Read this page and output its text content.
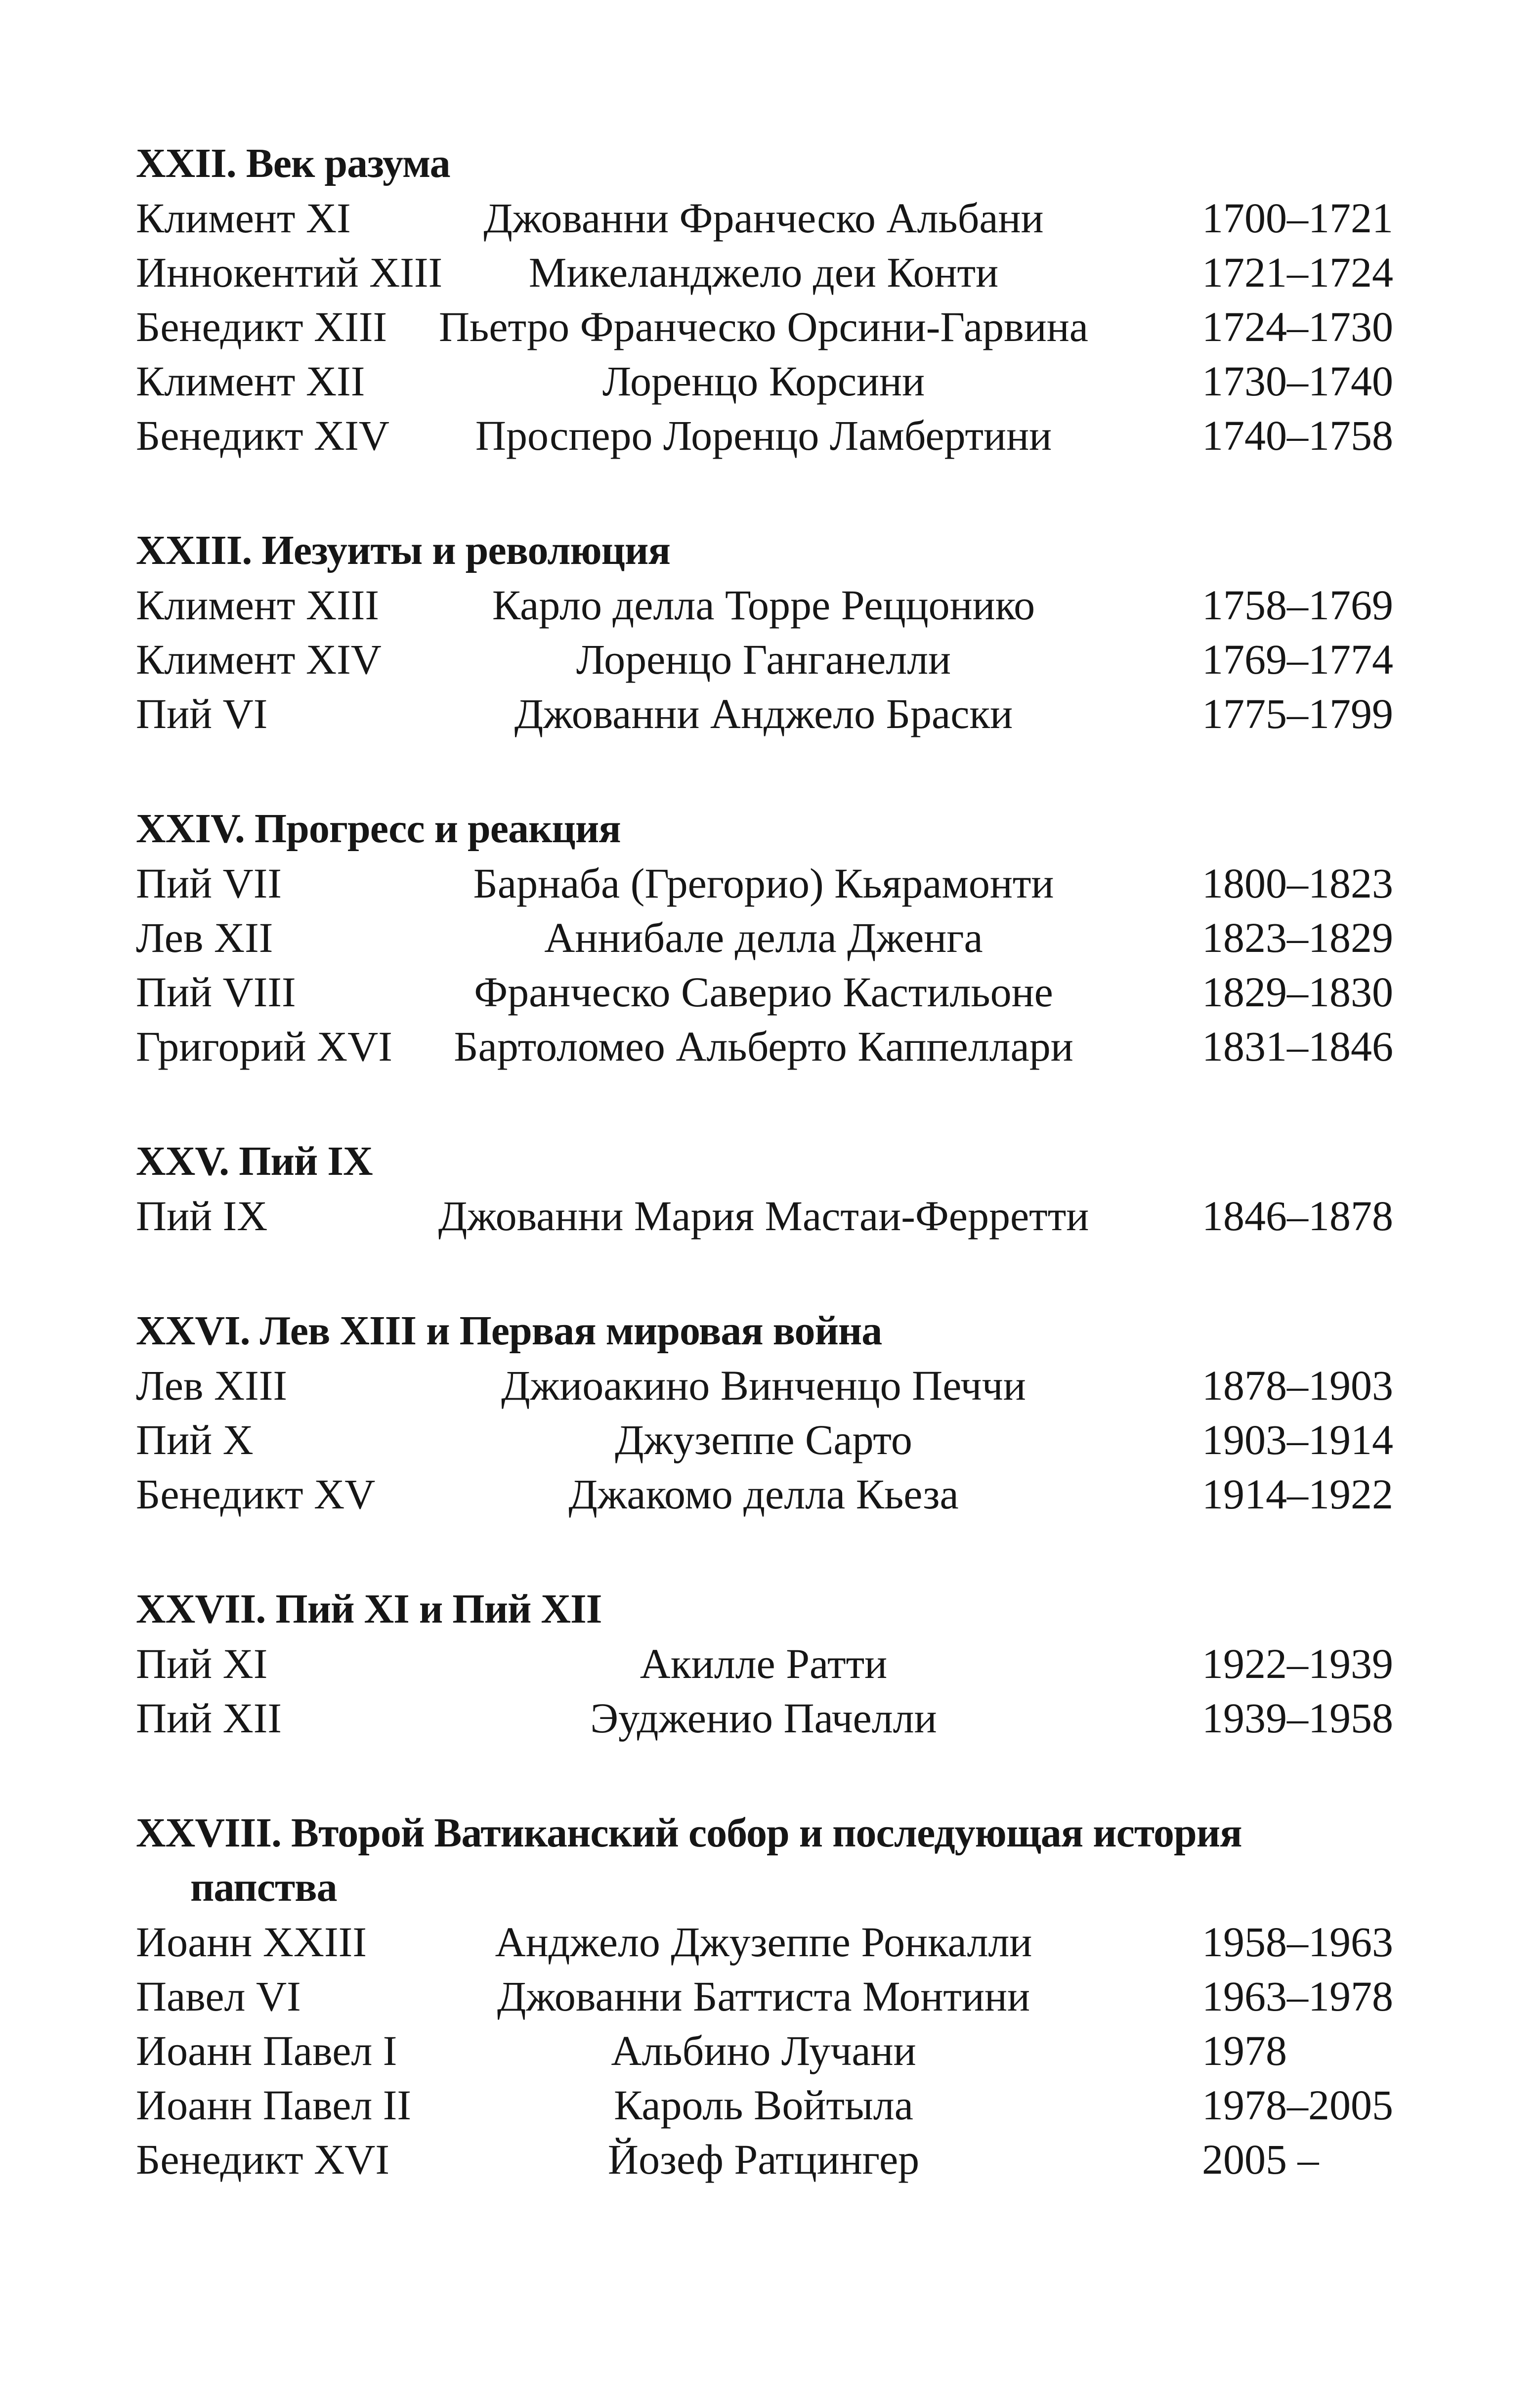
XXII. Век разума
Климент XI	Джованни Франческо Альбани	1700–1721
Иннокентий XIII	Микеланджело деи Конти	1721–1724
Бенедикт XIII	Пьетро Франческо Орсини-Гарвина	1724–1730
Климент XII	Лоренцо Корсини	1730–1740
Бенедикт XIV	Просперо Лоренцо Ламбертини	1740–1758
XXIII. Иезуиты и революция
Климент XIII	Карло делла Торре Реццонико	1758–1769
Климент XIV	Лоренцо Ганганелли	1769–1774
Пий VI	Джованни Анджело Браски	1775–1799
XXIV. Прогресс и реакция
Пий VII	Барнаба (Грегорио) Кьярамонти	1800–1823
Лев XII	Аннибале делла Дженга	1823–1829
Пий VIII	Франческо Саверио Кастильоне	1829–1830
Григорий XVI	Бартоломео Альберто Каппеллари	1831–1846
XXV. Пий IX
Пий IX	Джованни Мария Мастаи-Ферретти	1846–1878
XXVI. Лев XIII и Первая мировая война
Лев XIII	Джиоакино Винченцо Печчи	1878–1903
Пий X	Джузеппе Сарто	1903–1914
Бенедикт XV	Джакомо делла Кьеза	1914–1922
XXVII. Пий XI и Пий XII
Пий XI	Акилле Ратти	1922–1939
Пий XII	Эудженио Пачелли	1939–1958
XXVIII. Второй Ватиканский собор и последующая история
папства
Иоанн XXIII	Анджело Джузеппе Ронкалли	1958–1963
Павел VI	Джованни Баттиста Монтини	1963–1978
Иоанн Павел I	Альбино Лучани	1978
Иоанн Павел II	Кароль Войтыла	1978–2005
Бенедикт XVI	Йозеф Ратцингер	2005 –
